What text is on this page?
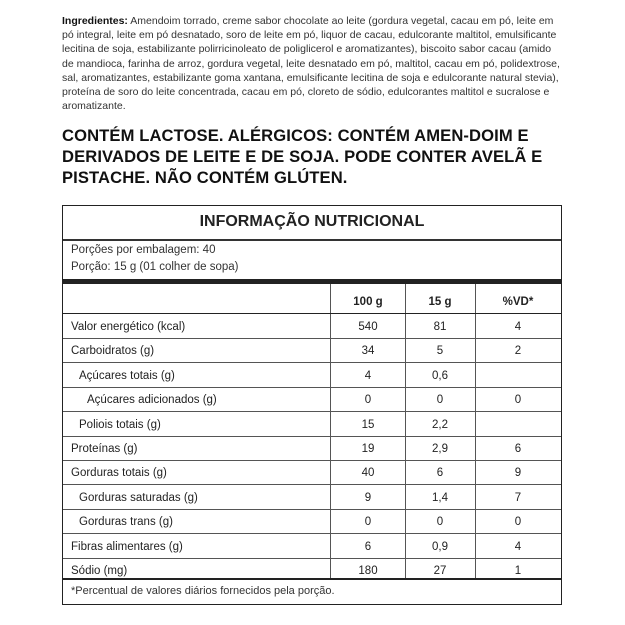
Ingredientes: Amendoim torrado, creme sabor chocolate ao leite (gordura vegetal, cacau em pó, leite em pó integral, leite em pó desnatado, soro de leite em pó, liquor de cacau, edulcorante maltitol, emulsificante lecitina de soja, estabilizante polirricinoleato de poliglicerol e aromatizantes), biscoito sabor cacau (amido de mandioca, farinha de arroz, gordura vegetal, leite desnatado em pó, maltitol, cacau em pó, polidextrose, sal, aromatizantes, estabilizante goma xantana, emulsificante lecitina de soja e edulcorante natural stevia), proteína de soro do leite concentrada, cacau em pó, cloreto de sódio, edulcorantes maltitol e sucralose e aromatizante.
CONTÉM LACTOSE. ALÉRGICOS: CONTÉM AMEN-DOIM E DERIVADOS DE LEITE E DE SOJA. PODE CONTER AVELÃ E PISTACHE. NÃO CONTÉM GLÚTEN.
INFORMAÇÃO NUTRICIONAL
Porções por embalagem: 40
Porção: 15 g (01 colher de sopa)
100 g	15 g	%VD*
Valor energético (kcal)	540	81	4
Carboidratos (g)	34	5	2
Açúcares totais (g)	4	0,6
Açúcares adicionados (g)	0	0	0
Poliois totais (g)	15	2,2
Proteínas (g)	19	2,9	6
Gorduras totais (g)	40	6	9
Gorduras saturadas (g)	9	1,4	7
Gorduras trans (g)	0	0	0
Fibras alimentares (g)	6	0,9	4
Sódio (mg)	180	27	1
*Percentual de valores diários fornecidos pela porção.
